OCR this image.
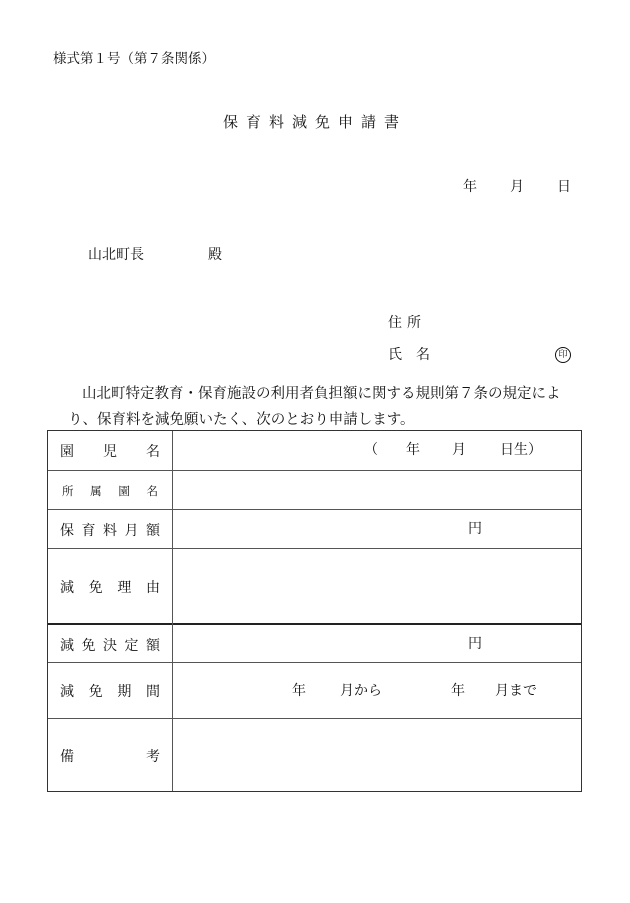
様式第１号（第７条関係）
保育料減免申請書
年 月 日
山北町長	殿
住所
氏名	印
山北町特定教育・保育施設の利用者負担額に関する規則第７条の規定により、保育料を減免願いたく、次のとおり申請します。
園 児 名	（ 年 月 日生）
所 属 園 名
保 育 料 月 額	円
減 免 理 由
減 免 決 定 額	円
減 免 期 間	年 月から	年 月まで
備	考
